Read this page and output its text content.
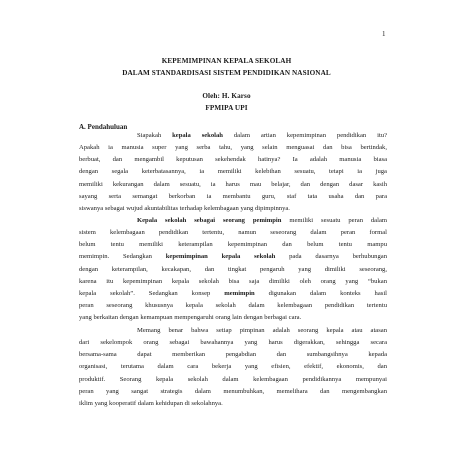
1
KEPEMIMPINAN KEPALA SEKOLAH
DALAM STANDARDISASI SISTEM PENDIDIKAN NASIONAL
Oleh: H. Karso
FPMIPA UPI
A. Pendahuluan
Siapakah kepala sekolah dalam artian kepemimpinan pendidikan itu?
Apakah ia manusia super yang serba tahu, yang selain menguasai dan bisa bertindak,
berbuat, dan mengambil keputusan sekehendak hatinya? Ia adalah manusia biasa
dengan segala keterbatasannya, ia memiliki kelebihan sesuatu, tetapi ia juga
memiliki kekurangan dalam sesuatu, ia harus mau belajar, dan dengan dasar kasih
sayang serta semangat berkorban ia membantu guru, staf tata usaha dan para
siswanya sebagai wujud akuntabilitas terhadap kelembagaan yang dipimpinnya.
Kepala sekolah sebagai seorang pemimpin memiliki sesuatu peran dalam
sistem kelembagaan pendidikan tertentu, namun seseorang dalam peran formal
belum tentu memiliki keterampilan kepemimpinan dan belum tentu mampu
memimpin. Sedangkan kepemimpinan kepala sekolah pada dasarnya berhubungan
dengan keterampilan, kecakapan, dan tingkat pengaruh yang dimiliki seseorang,
karena itu kepemimpinan kepala sekolah bisa saja dimiliki oleh orang yang “bukan
kepala sekolah”. Sedangkan konsep memimpin digunakan dalam konteks hasil
peran seseorang khususnya kepala sekolah dalam kelembagaan pendidikan tertentu
yang berkaitan dengan kemampuan mempengaruhi orang lain dengan berbagai cara.
Memang benar bahwa setiap pimpinan adalah seorang kepala atau atasan
dari sekelompok orang sebagai bawahannya yang harus digerakkan, sehingga secara
bersama-sama dapat memberikan pengabdian dan sumbangsihnya kepada
organisasi, terutama dalam cara bekerja yang efisien, efektif, ekonomis, dan
produktif. Seorang kepala sekolah dalam kelembagaan pendidikannya mempunyai
peran yang sangat strategis dalam menumbuhkan, memelihara dan mengembangkan
iklim yang kooperatif dalam kehidupan di sekolahnya.
